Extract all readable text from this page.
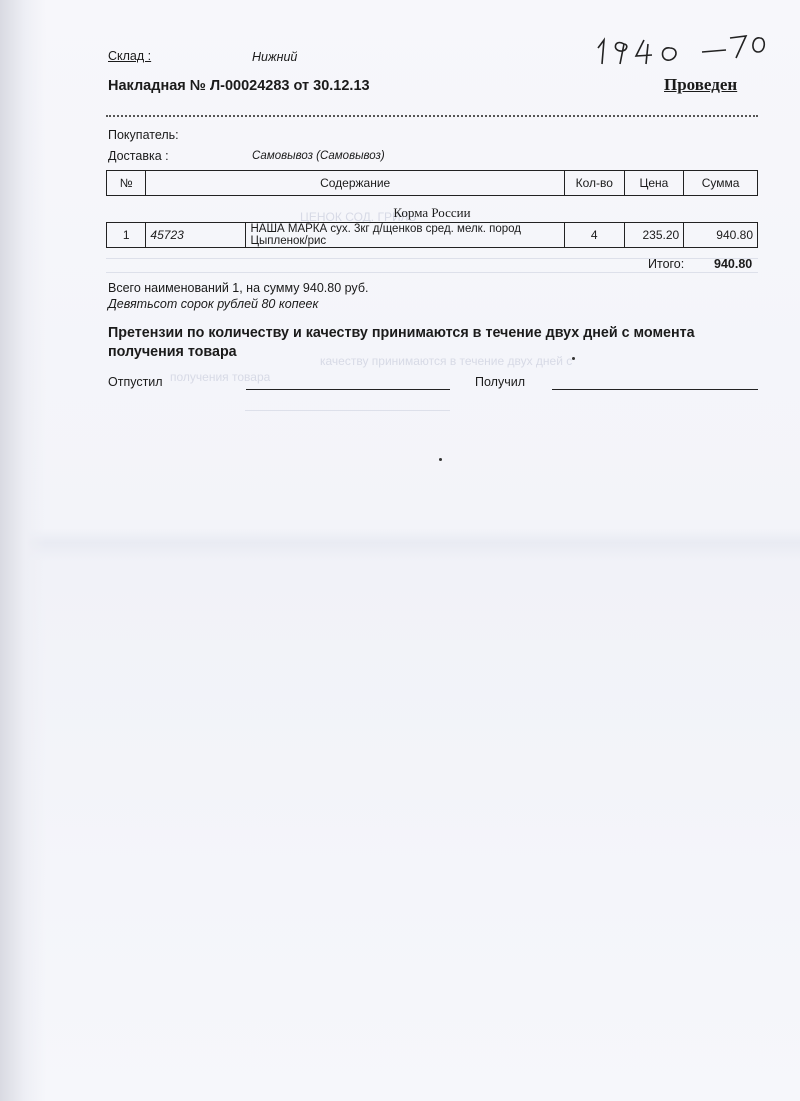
ЦЕНОК СОД. ГРИЛЬ
качеству принимаются в течение двух дней с
получения товара
Склад :	Нижний
Накладная № Л-00024283 от 30.12.13	Проведен
Покупатель:
Доставка :	Самовывоз (Самовывоз)
№	Содержание	Кол-во	Цена	Сумма
Корма России
1	45723	НАША МАРКА сух. 3кг д/щенков сред. мелк. пород Цыпленок/рис	4	235.20	940.80
Итого: 940.80
Всего наименований 1, на сумму 940.80 руб.
Девятьсот сорок рублей 80 копеек
Претензии по количеству и качеству принимаются в течение двух дней с момента получения товара
Отпустил	Получил
